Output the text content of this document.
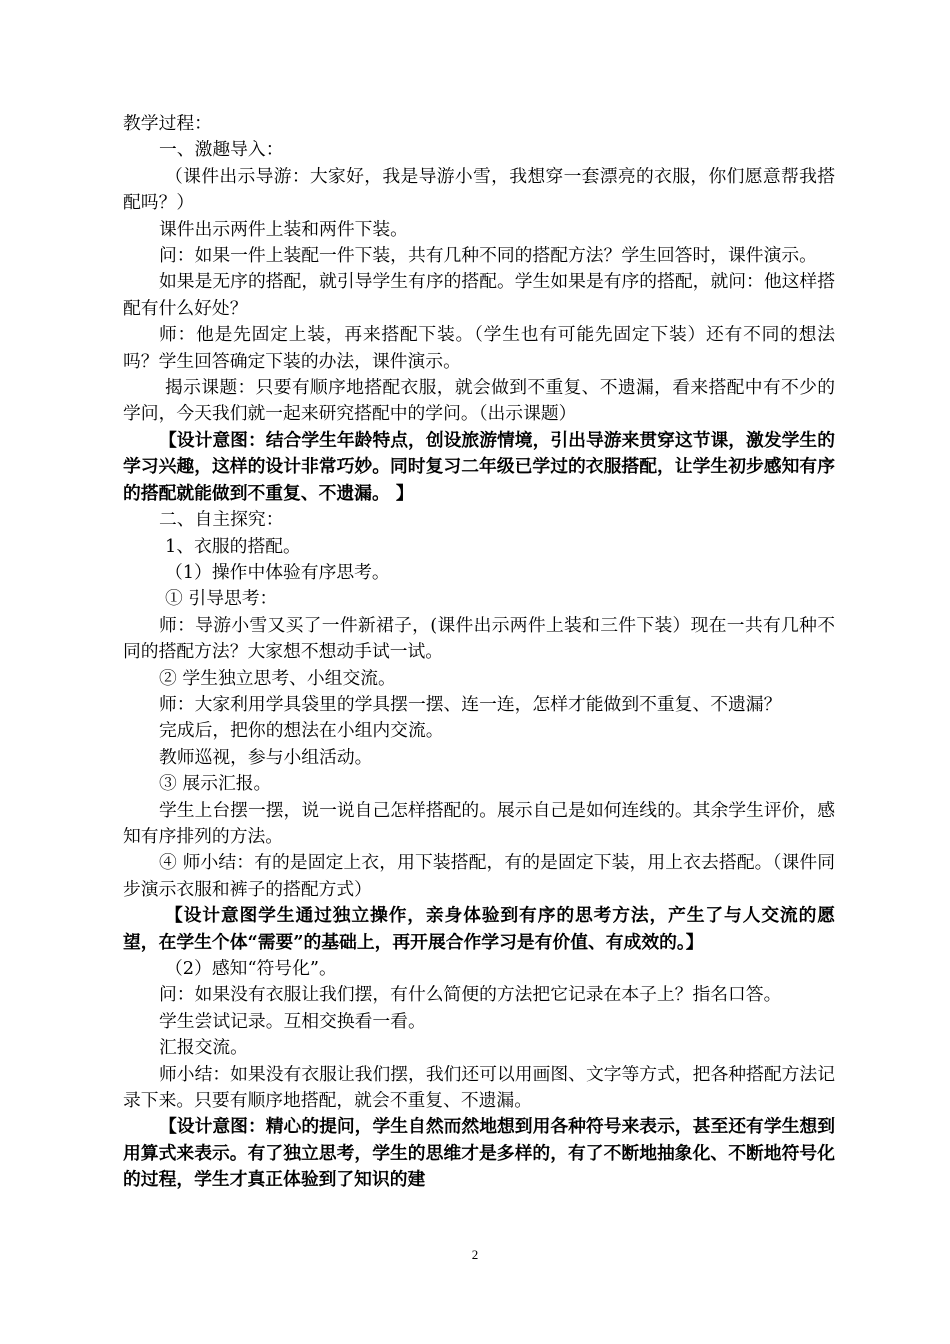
教学过程：

一、激趣导入：

（课件出示导游：大家好，我是导游小雪，我想穿一套漂亮的衣服，你们愿意帮我搭配吗？）

课件出示两件上装和两件下装。

问：如果一件上装配一件下装，共有几种不同的搭配方法？学生回答时，课件演示。

如果是无序的搭配，就引导学生有序的搭配。学生如果是有序的搭配，就问：他这样搭配有什么好处？

师：他是先固定上装，再来搭配下装。（学生也有可能先固定下装）还有不同的想法吗？学生回答确定下装的办法，课件演示。

揭示课题：只要有顺序地搭配衣服，就会做到不重复、不遗漏，看来搭配中有不少的学问，今天我们就一起来研究搭配中的学问。（出示课题）

【设计意图：结合学生年龄特点，创设旅游情境，引出导游来贯穿这节课，激发学生的学习兴趣，这样的设计非常巧妙。同时复习二年级已学过的衣服搭配，让学生初步感知有序的搭配就能做到不重复、不遗漏。 】

二、自主探究：

1、衣服的搭配。

（1）操作中体验有序思考。

① 引导思考：

师：导游小雪又买了一件新裙子，(课件出示两件上装和三件下装）现在一共有几种不同的搭配方法？大家想不想动手试一试。

② 学生独立思考、小组交流。

师：大家利用学具袋里的学具摆一摆、连一连，怎样才能做到不重复、不遗漏？

完成后，把你的想法在小组内交流。

教师巡视，参与小组活动。

③ 展示汇报。

学生上台摆一摆，说一说自己怎样搭配的。展示自己是如何连线的。其余学生评价，感知有序排列的方法。

④ 师小结：有的是固定上衣，用下装搭配，有的是固定下装，用上衣去搭配。（课件同步演示衣服和裤子的搭配方式）

【设计意图学生通过独立操作，亲身体验到有序的思考方法，产生了与人交流的愿望，在学生个体“需要”的基础上，再开展合作学习是有价值、有成效的。】

（2）感知“符号化”。

问：如果没有衣服让我们摆，有什么简便的方法把它记录在本子上？指名口答。

学生尝试记录。互相交换看一看。

汇报交流。

师小结：如果没有衣服让我们摆，我们还可以用画图、文字等方式，把各种搭配方法记录下来。只要有顺序地搭配，就会不重复、不遗漏。

【设计意图：精心的提问，学生自然而然地想到用各种符号来表示，甚至还有学生想到用算式来表示。有了独立思考，学生的思维才是多样的，有了不断地抽象化、不断地符号化的过程，学生才真正体验到了知识的建

2
